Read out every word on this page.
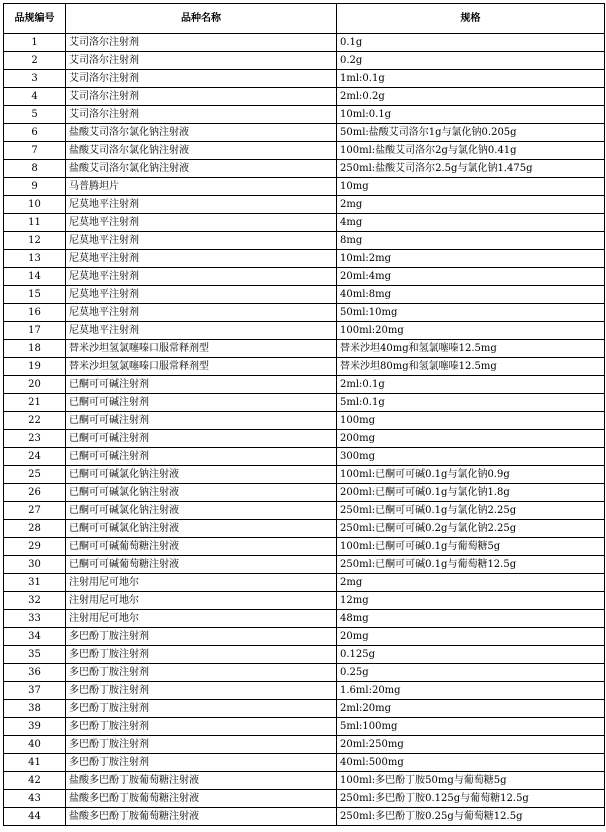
品规编号	品种名称	规格
1	艾司洛尔注射剂	0.1g
2	艾司洛尔注射剂	0.2g
3	艾司洛尔注射剂	1ml:0.1g
4	艾司洛尔注射剂	2ml:0.2g
5	艾司洛尔注射剂	10ml:0.1g
6	盐酸艾司洛尔氯化钠注射液	50ml:盐酸艾司洛尔1g与氯化钠0.205g
7	盐酸艾司洛尔氯化钠注射液	100ml:盐酸艾司洛尔2g与氯化钠0.41g
8	盐酸艾司洛尔氯化钠注射液	250ml:盐酸艾司洛尔2.5g与氯化钠1.475g
9	马普腾坦片	10mg
10	尼莫地平注射剂	2mg
11	尼莫地平注射剂	4mg
12	尼莫地平注射剂	8mg
13	尼莫地平注射剂	10ml:2mg
14	尼莫地平注射剂	20ml:4mg
15	尼莫地平注射剂	40ml:8mg
16	尼莫地平注射剂	50ml:10mg
17	尼莫地平注射剂	100ml:20mg
18	替米沙坦氢氯噻嗪口服常释剂型	替米沙坦40mg和氢氯噻嗪12.5mg
19	替米沙坦氢氯噻嗪口服常释剂型	替米沙坦80mg和氢氯噻嗪12.5mg
20	已酮可可碱注射剂	2ml:0.1g
21	已酮可可碱注射剂	5ml:0.1g
22	已酮可可碱注射剂	100mg
23	已酮可可碱注射剂	200mg
24	已酮可可碱注射剂	300mg
25	已酮可可碱氯化钠注射液	100ml:已酮可可碱0.1g与氯化钠0.9g
26	已酮可可碱氯化钠注射液	200ml:已酮可可碱0.1g与氯化钠1.8g
27	已酮可可碱氯化钠注射液	250ml:已酮可可碱0.1g与氯化钠2.25g
28	已酮可可碱氯化钠注射液	250ml:已酮可可碱0.2g与氯化钠2.25g
29	已酮可可碱葡萄糖注射液	100ml:已酮可可碱0.1g与葡萄糖5g
30	已酮可可碱葡萄糖注射液	250ml:已酮可可碱0.1g与葡萄糖12.5g
31	注射用尼可地尔	2mg
32	注射用尼可地尔	12mg
33	注射用尼可地尔	48mg
34	多巴酚丁胺注射剂	20mg
35	多巴酚丁胺注射剂	0.125g
36	多巴酚丁胺注射剂	0.25g
37	多巴酚丁胺注射剂	1.6ml:20mg
38	多巴酚丁胺注射剂	2ml:20mg
39	多巴酚丁胺注射剂	5ml:100mg
40	多巴酚丁胺注射剂	20ml:250mg
41	多巴酚丁胺注射剂	40ml:500mg
42	盐酸多巴酚丁胺葡萄糖注射液	100ml:多巴酚丁胺50mg与葡萄糖5g
43	盐酸多巴酚丁胺葡萄糖注射液	250ml:多巴酚丁胺0.125g与葡萄糖12.5g
44	盐酸多巴酚丁胺葡萄糖注射液	250ml:多巴酚丁胺0.25g与葡萄糖12.5g
